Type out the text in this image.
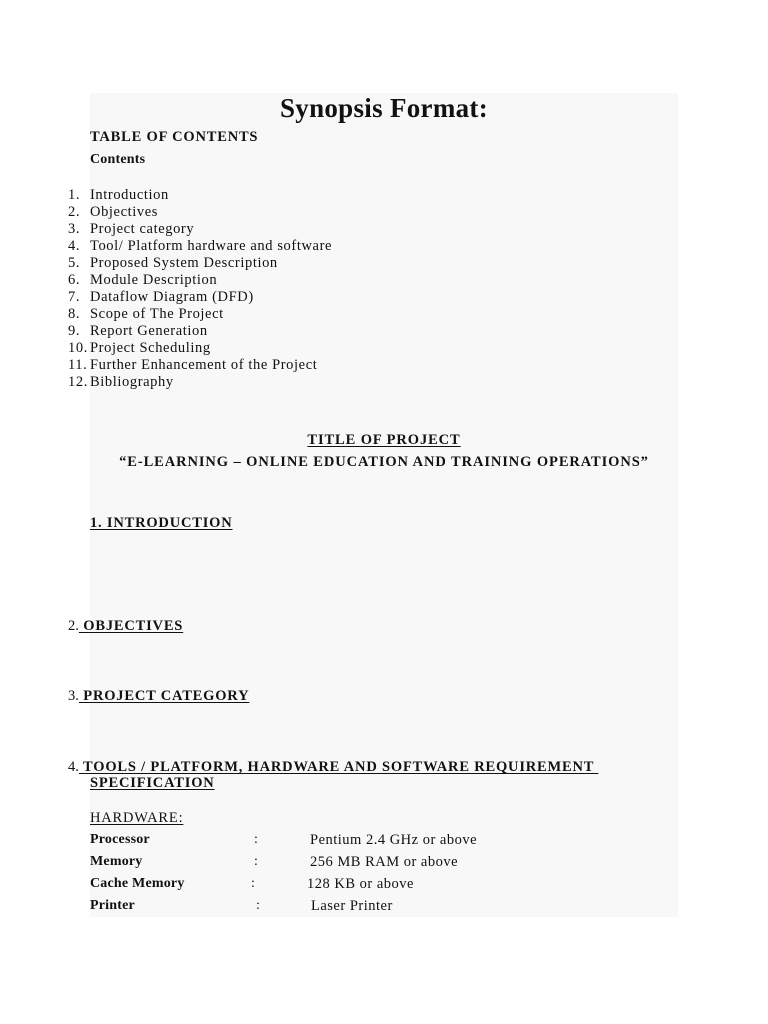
Synopsis Format:
TABLE OF CONTENTS
Contents
1. Introduction
2. Objectives
3. Project category
4. Tool/ Platform hardware and software
5. Proposed System Description
6. Module Description
7. Dataflow Diagram (DFD)
8. Scope of The Project
9. Report Generation
10. Project Scheduling
11. Further Enhancement of the Project
12. Bibliography
TITLE OF PROJECT
“E-LEARNING – ONLINE EDUCATION AND TRAINING OPERATIONS”
1. INTRODUCTION
2. OBJECTIVES
3. PROJECT CATEGORY
4. TOOLS / PLATFORM, HARDWARE AND SOFTWARE REQUIREMENT
SPECIFICATION
HARDWARE:
Processor	:	Pentium 2.4 GHz or above
Memory	:	256 MB RAM or above
Cache Memory	:	128 KB or above
Printer	:	Laser Printer
